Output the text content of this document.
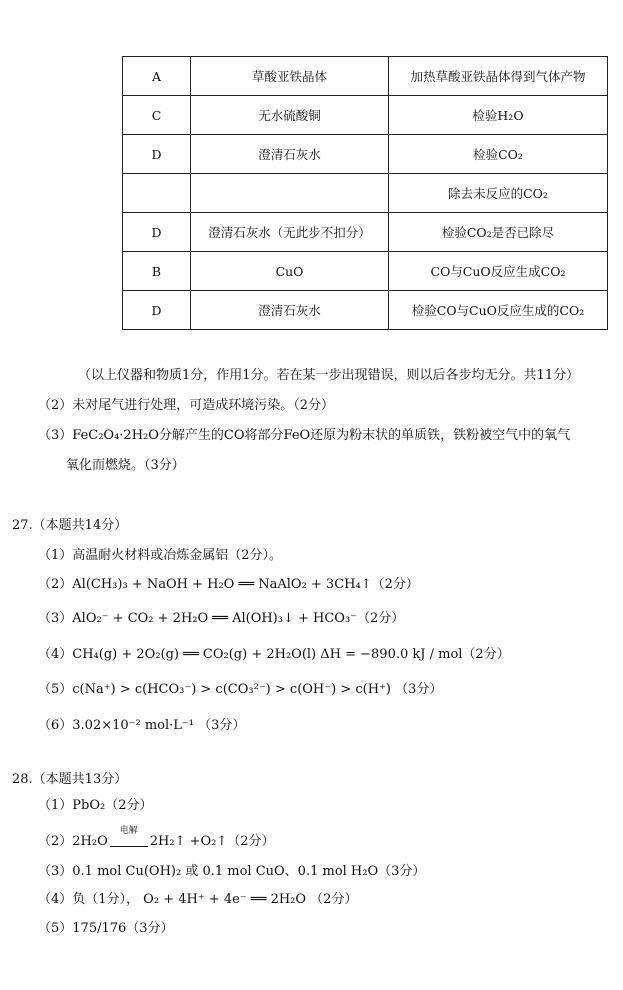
A	草酸亚铁晶体	加热草酸亚铁晶体得到气体产物
C	无水硫酸铜	检验H₂O
D	澄清石灰水	检验CO₂
		除去未反应的CO₂
D	澄清石灰水（无此步不扣分）	检验CO₂是否已除尽
B	CuO	CO与CuO反应生成CO₂
D	澄清石灰水	检验CO与CuO反应生成的CO₂
（以上仪器和物质1分，作用1分。若在某一步出现错误，则以后各步均无分。共11分）
（2）未对尾气进行处理，可造成环境污染。（2分）
（3）FeC₂O₄·2H₂O分解产生的CO将部分FeO还原为粉末状的单质铁，铁粉被空气中的氧气
氧化而燃烧。（3分）
27.（本题共14分）
（1）高温耐火材料或冶炼金属铝（2分）。
（2）Al(CH₃)₃ + NaOH + H₂O ══ NaAlO₂ + 3CH₄↑（2分）
（3）AlO₂⁻ + CO₂ + 2H₂O ══ Al(OH)₃↓ + HCO₃⁻（2分）
（4）CH₄(g) + 2O₂(g) ══ CO₂(g) + 2H₂O(l) ΔH = −890.0 kJ / mol（2分）
（5）c(Na⁺) > c(HCO₃⁻) > c(CO₃²⁻) > c(OH⁻) > c(H⁺) （3分）
（6）3.02×10⁻² mol·L⁻¹ （3分）
28.（本题共13分）
（1）PbO₂（2分）
（2）2H₂O
电解
2H₂↑ +O₂↑（2分）
（3）0.1 mol Cu(OH)₂ 或 0.1 mol CuO、0.1 mol H₂O（3分）
（4）负（1分）， O₂ + 4H⁺ + 4e⁻ ══ 2H₂O （2分）
（5）175/176（3分）
